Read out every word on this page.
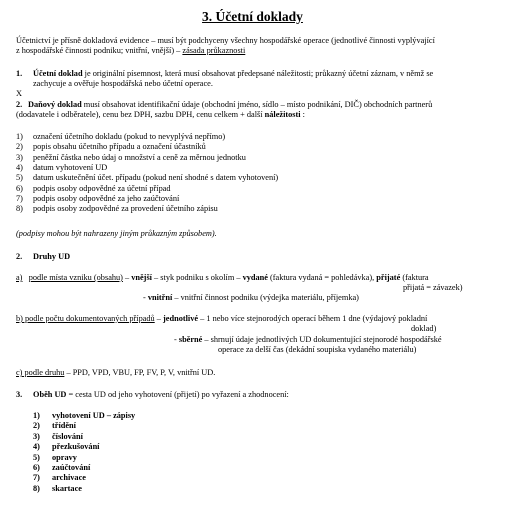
3. Účetní doklady
Účetnictví je přísně dokladová evidence – musí být podchyceny všechny hospodářské operace (jednotlivé činnosti vyplývající
z hospodářské činnosti podniku; vnitřní, vnější) – zásada průkaznosti
1. Účetní doklad je originální písemnost, která musí obsahovat předepsané náležitosti; průkazný účetní záznam, v němž se
zachycuje a ověřuje hospodářská nebo účetní operace.
X
2. Daňový doklad musí obsahovat identifikační údaje (obchodní jméno, sídlo – místo podnikání, DIČ) obchodních partnerů
(dodavatele i odběratele), cenu bez DPH, sazbu DPH, cenu celkem + další náležitosti :
1) označení účetního dokladu (pokud to nevyplývá nepřímo)
2) popis obsahu účetního případu a označení účastníků
3) peněžní částka nebo údaj o množství a ceně za měrnou jednotku
4) datum vyhotovení UD
5) datum uskutečnění účet. případu (pokud není shodné s datem vyhotovení)
6) podpis osoby odpovědné za účetní případ
7) podpis osoby odpovědné za jeho zaúčtování
8) podpis osoby zodpovědné za provedení účetního zápisu
(podpisy mohou být nahrazeny jiným průkazným způsobem).
2. Druhy UD
a) podle místa vzniku (obsahu) – vnější – styk podniku s okolím – vydané (faktura vydaná = pohledávka), přijaté (faktura
přijatá = závazek)
- vnitřní – vnitřní činnost podniku (výdejka materiálu, příjemka)
b) podle počtu dokumentovaných případů – jednotlivé – 1 nebo více stejnorodých operací během 1 dne (výdajový pokladní
doklad)
- sběrné – shrnují údaje jednotlivých UD dokumentující stejnorodé hospodářské
operace za delší čas (dekádní soupiska vydaného materiálu)
c) podle druhu – PPD, VPD, VBU, FP, FV, P, V, vnitřní UD.
3. Oběh UD = cesta UD od jeho vyhotovení (přijetí) po vyřazení a zhodnocení:
1) vyhotovení UD – zápisy
2) třídění
3) číslování
4) přezkušování
5) opravy
6) zaúčtování
7) archivace
8) skartace
